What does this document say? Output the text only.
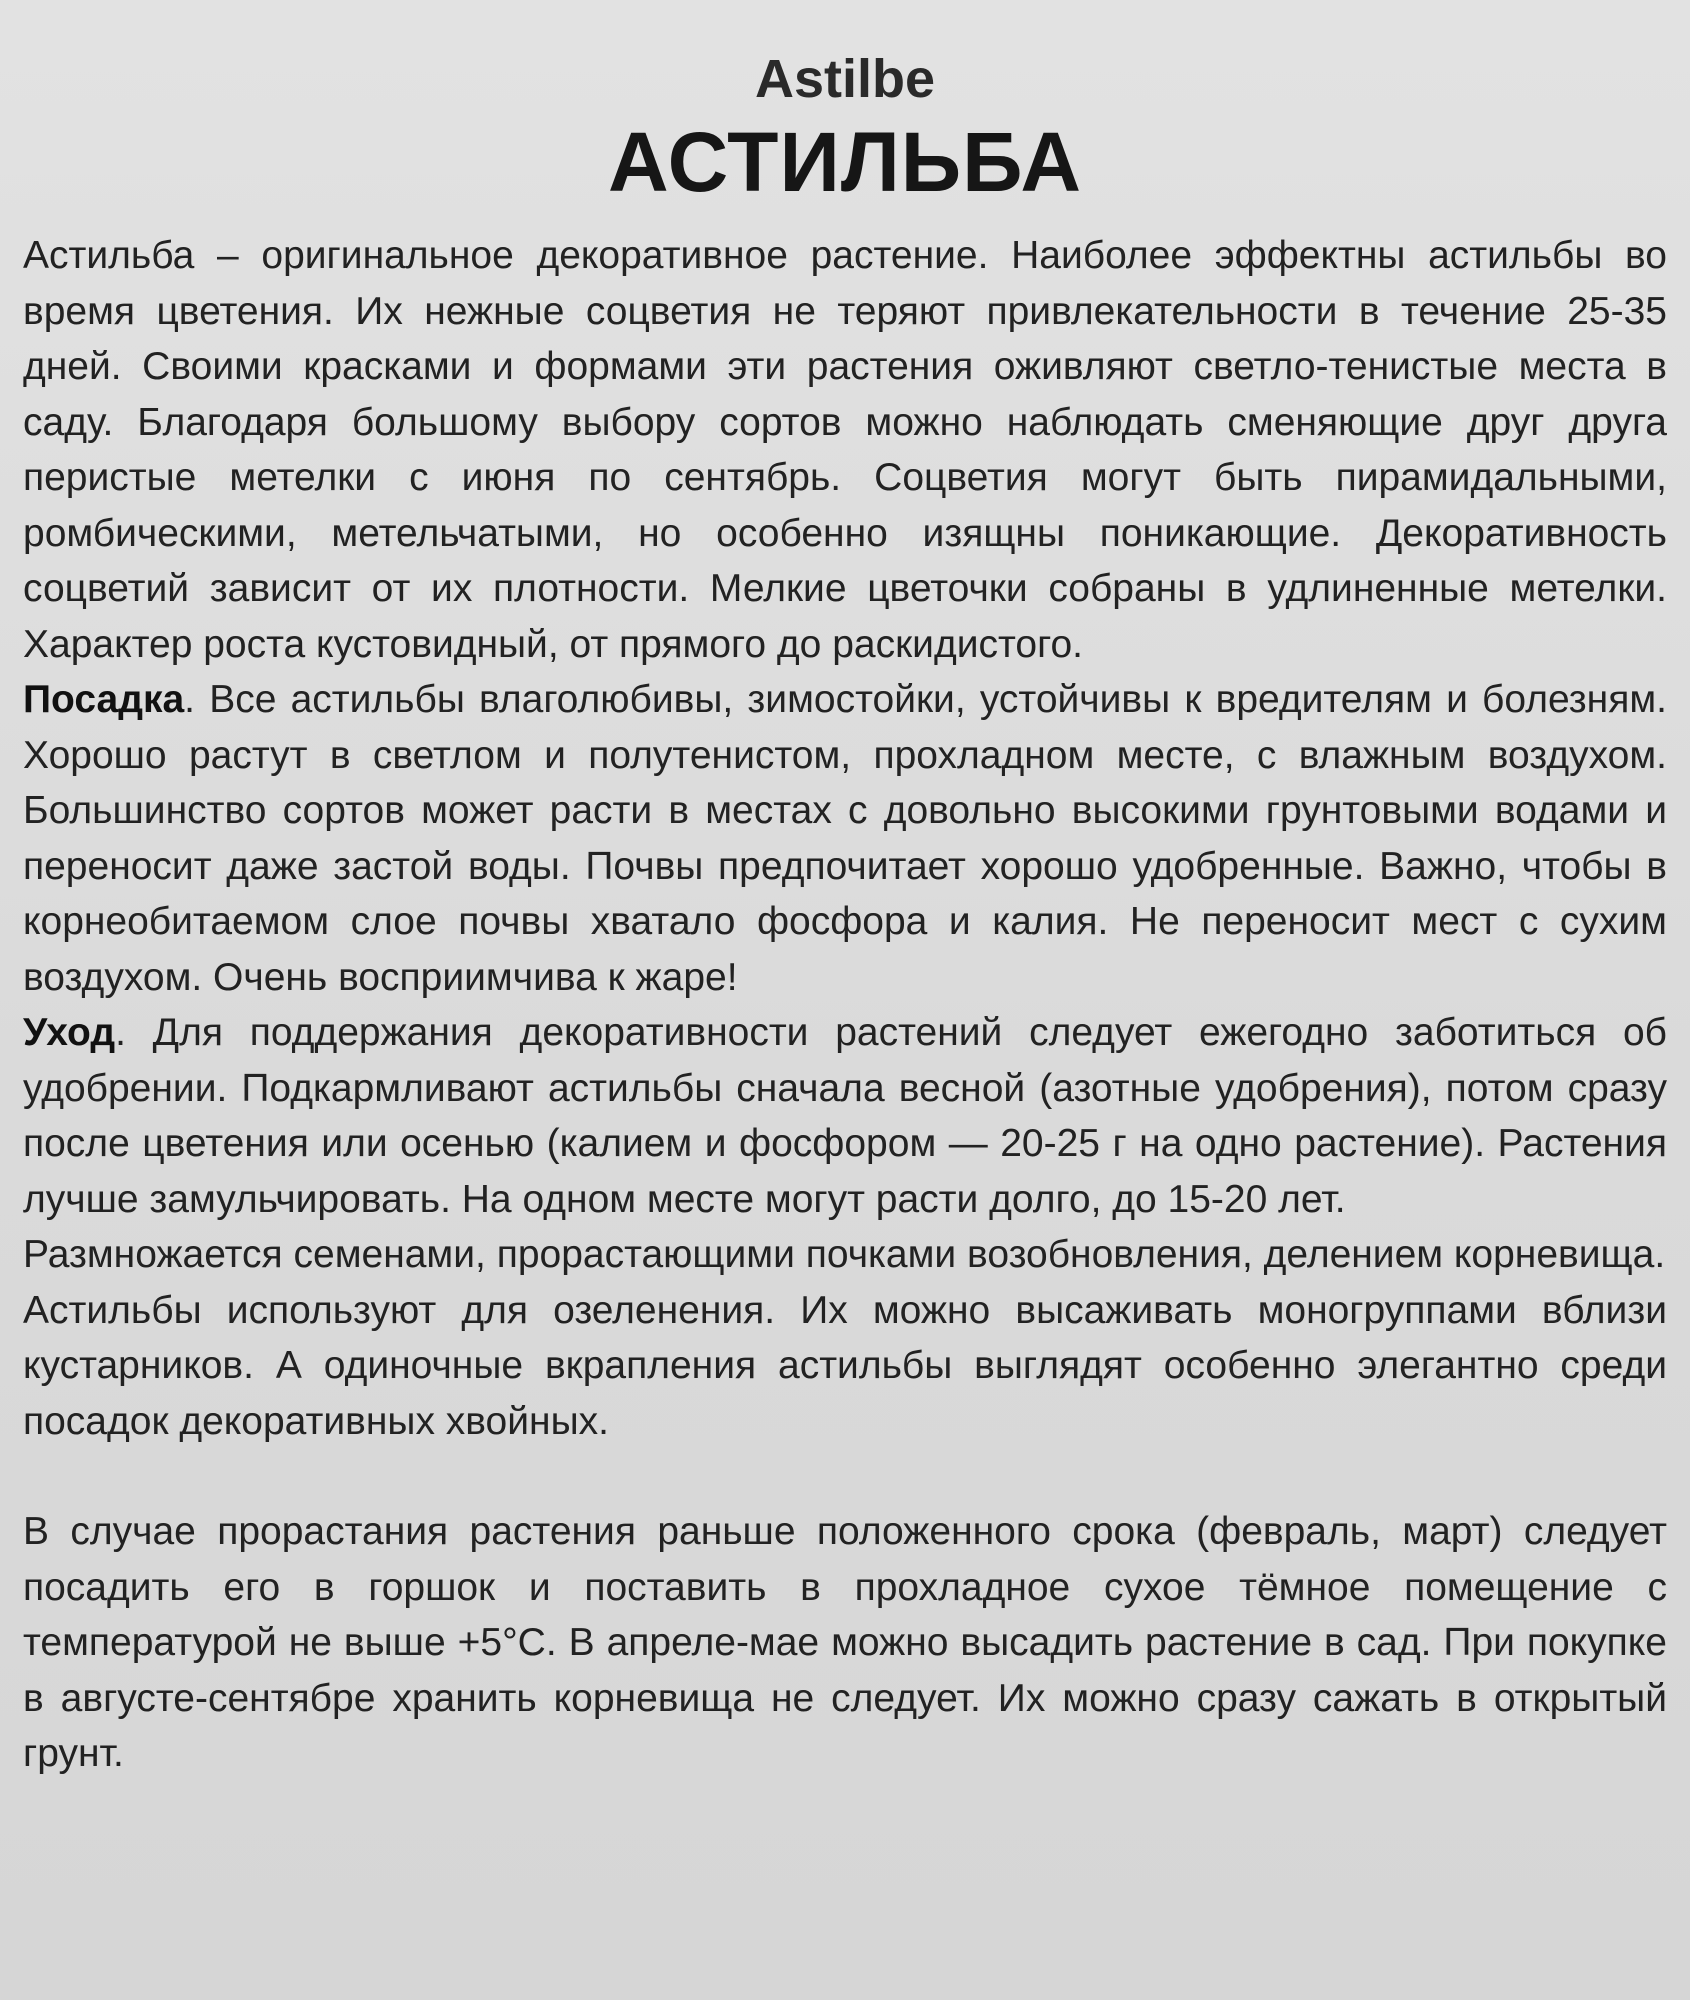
Astilbe
АСТИЛЬБА

Астильба – оригинальное декоративное растение. Наиболее эффектны астильбы во время цветения. Их нежные соцветия не теряют привлекательности в течение 25-35 дней. Своими красками и формами эти растения оживляют светло-тенистые места в саду. Благодаря большому выбору сортов можно наблюдать сменяющие друг друга перистые метелки с июня по сентябрь. Соцветия могут быть пирамидальными, ромбическими, метельчатыми, но особенно изящны поникающие. Декоративность соцветий зависит от их плотности. Мелкие цветочки собраны в удлиненные метелки. Характер роста кустовидный, от прямого до раскидистого.

Посадка. Все астильбы влаголюбивы, зимостойки, устойчивы к вредителям и болезням. Хорошо растут в светлом и полутенистом, прохладном месте, с влажным воздухом. Большинство сортов может расти в местах с довольно высокими грунтовыми водами и переносит даже застой воды. Почвы предпочитает хорошо удобренные. Важно, чтобы в корнеобитаемом слое почвы хватало фосфора и калия. Не переносит мест с сухим воздухом. Очень восприимчива к жаре!

Уход. Для поддержания декоративности растений следует ежегодно заботиться об удобрении. Подкармливают астильбы сначала весной (азотные удобрения), потом сразу после цветения или осенью (калием и фосфором — 20-25 г на одно растение). Растения лучше замульчировать. На одном месте могут расти долго, до 15-20 лет.

Размножается семенами, прорастающими почками возобновления, делением корневища.

Астильбы используют для озеленения. Их можно высаживать моногруппами вблизи кустарников. А одиночные вкрапления астильбы выглядят особенно элегантно среди посадок декоративных хвойных.

В случае прорастания растения раньше положенного срока (февраль, март) следует посадить его в горшок и поставить в прохладное сухое тёмное помещение с температурой не выше +5°С. В апреле-мае можно высадить растение в сад. При покупке в августе-сентябре хранить корневища не следует. Их можно сразу сажать в открытый грунт.
